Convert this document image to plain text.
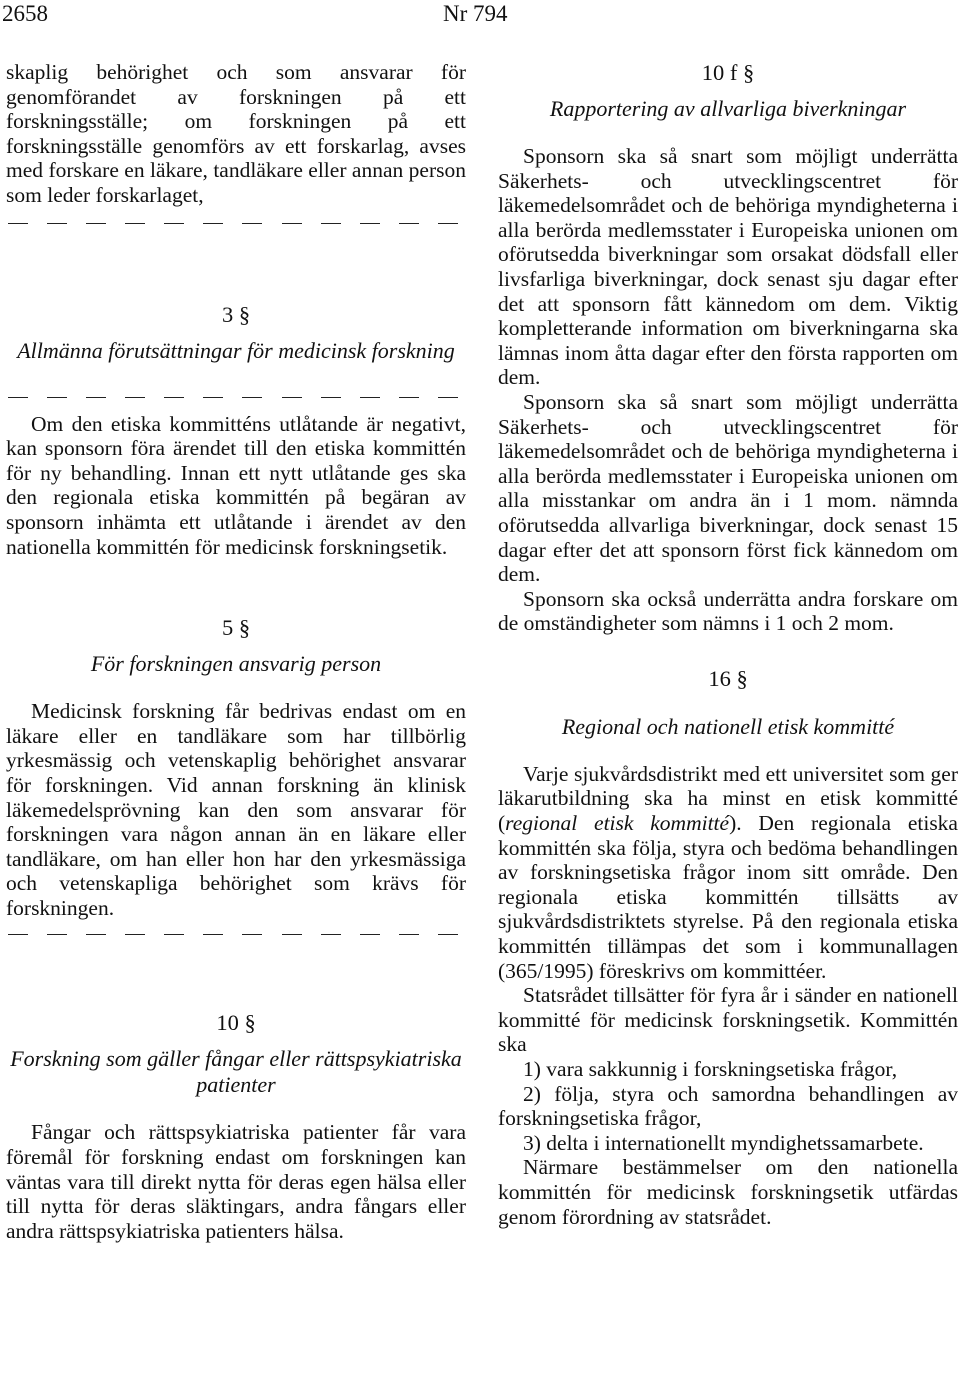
2658	Nr 794

skaplig behörighet och som ansvarar för genomförandet av forskningen på ett forskningsställe; om forskningen på ett forskningsställe genomförs av ett forskarlag, avses med forskare en läkare, tandläkare eller annan person som leder forskarlaget,

3 §
Allmänna förutsättningar för medicinsk forskning

Om den etiska kommitténs utlåtande är negativt, kan sponsorn föra ärendet till den etiska kommittén för ny behandling. Innan ett nytt utlåtande ges ska den regionala etiska kommittén på begäran av sponsorn inhämta ett utlåtande i ärendet av den nationella kommittén för medicinsk forskningsetik.

5 §
För forskningen ansvarig person

Medicinsk forskning får bedrivas endast om en läkare eller en tandläkare som har tillbörlig yrkesmässig och vetenskaplig behörighet ansvarar för forskningen. Vid annan forskning än klinisk läkemedelsprövning kan den som ansvarar för forskningen vara någon annan än en läkare eller tandläkare, om han eller hon har den yrkesmässiga och vetenskapliga behörighet som krävs för forskningen.

10 §
Forskning som gäller fångar eller rättspsykiatriska patienter

Fångar och rättspsykiatriska patienter får vara föremål för forskning endast om forskningen kan väntas vara till direkt nytta för deras egen hälsa eller till nytta för deras släktingars, andra fångars eller andra rättspsykiatriska patienters hälsa.

10 f §
Rapportering av allvarliga biverkningar

Sponsorn ska så snart som möjligt underrätta Säkerhets- och utvecklingscentret för läkemedelsområdet och de behöriga myndigheterna i alla berörda medlemsstater i Europeiska unionen om oförutsedda biverkningar som orsakat dödsfall eller livsfarliga biverkningar, dock senast sju dagar efter det att sponsorn fått kännedom om dem. Viktig kompletterande information om biverkningarna ska lämnas inom åtta dagar efter den första rapporten om dem.

Sponsorn ska så snart som möjligt underrätta Säkerhets- och utvecklingscentret för läkemedelsområdet och de behöriga myndigheterna i alla berörda medlemsstater i Europeiska unionen om alla misstankar om andra än i 1 mom. nämnda oförutsedda allvarliga biverkningar, dock senast 15 dagar efter det att sponsorn först fick kännedom om dem.

Sponsorn ska också underrätta andra forskare om de omständigheter som nämns i 1 och 2 mom.

16 §
Regional och nationell etisk kommitté

Varje sjukvårdsdistrikt med ett universitet som ger läkarutbildning ska ha minst en etisk kommitté (regional etisk kommitté). Den regionala etiska kommittén ska följa, styra och bedöma behandlingen av forskningsetiska frågor inom sitt område. Den regionala etiska kommittén tillsätts av sjukvårdsdistriktets styrelse. På den regionala etiska kommittén tillämpas det som i kommunallagen (365/1995) föreskrivs om kommittéer.

Statsrådet tillsätter för fyra år i sänder en nationell kommitté för medicinsk forskningsetik. Kommittén ska

1) vara sakkunnig i forskningsetiska frågor,

2) följa, styra och samordna behandlingen av forskningsetiska frågor,

3) delta i internationellt myndighetssamarbete.

Närmare bestämmelser om den nationella kommittén för medicinsk forskningsetik utfärdas genom förordning av statsrådet.
